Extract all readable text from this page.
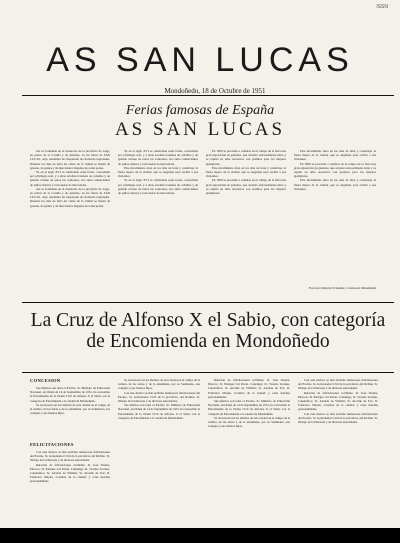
ISSN
AS SAN LUCAS
Mondoñedo, 18 de Octubre de 1951
Ferias famosas de España
AS SAN LUCAS

Así se formaban en el mostrario de la provincia de Lugo, en partes de la Coruña y de Asturias, en las ferias de SAN LUCAS, cuyo renombre ha traspasado las fronteras regionales. Durante los días de feria las calles de la ciudad se llenan de ganado, de gentes y de mercaderes llegados de todas partes.

Ya en el siglo XVI se celebraban estas ferias, concedidas por privilegio real, y a ellas acudían tratantes de caballos y de ganado vacuno de todos los contornos, así como comerciantes de paños, lienzos y toda suerte de mercancías.

Así se formaban en el mostrario de la provincia de Lugo, en partes de la Coruña y de Asturias, en las ferias de SAN LUCAS, cuyo renombre ha traspasado las fronteras regionales. Durante los días de feria las calles de la ciudad se llenan de ganado, de gentes y de mercaderes llegados de todas partes.

Ya en el siglo XVI se celebraban estas ferias, concedidas por privilegio real, y a ellas acudían tratantes de caballos y de ganado vacuno de todos los contornos, así como comerciantes de paños, lienzos y toda suerte de mercancías.

Este movimiento dura en los días de feria y constituye la fiesta mayor de la ciudad, que se engalana para recibir a sus visitantes.

Ya en el siglo XVI se celebraban estas ferias, concedidas por privilegio real, y a ellas acudían tratantes de caballos y de ganado vacuno de todos los contornos, así como comerciantes de paños, lienzos y toda suerte de mercancías.

En 1859 se procedió a celebrar en el campo de la feria una gran exposición de ganados, que alcanzó extraordinario éxito y se repitió en años sucesivos con premios para los mejores ejemplares.

Este movimiento dura en los días de feria y constituye la fiesta mayor de la ciudad, que se engalana para recibir a sus visitantes.

En 1859 se procedió a celebrar en el campo de la feria una gran exposición de ganados, que alcanzó extraordinario éxito y se repitió en años sucesivos con premios para los mejores ejemplares.

Este movimiento dura en los días de feria y constituye la fiesta mayor de la ciudad, que se engalana para recibir a sus visitantes.

En 1859 se procedió a celebrar en el campo de la feria una gran exposición de ganados, que alcanzó extraordinario éxito y se repitió en años sucesivos con premios para los mejores ejemplares.

Este movimiento dura en los días de feria y constituye la fiesta mayor de la ciudad, que se engalana para recibir a sus visitantes.

Francisco Mayán Fernández, Cronista de Mondoñedo
La Cruz de Alfonso X el Sabio, con categoría de Encomienda en Mondoñedo
CONCESION

Sus méritos son tales el Excmo. Sr. Ministro de Educación Nacional, en Orden de 14 de Septiembre de 1951, ha concedido la Encomienda de la Orden Civil de Alfonso X el Sabio con la categoría de Encomienda a la ciudad de Mondoñedo.

Se reconocen así los méritos de esta ciudad en el campo de la cultura, de las letras y de la enseñanza, por su Seminario, sus colegios y sus ilustres hijos.

FELICITACIONES

Con este motivo se han recibido numerosas felicitaciones del Excmo. Sr. Gobernador Civil de la provincia, del Rvdmo. Sr. Obispo de la Diócesis y de diversas autoridades.

Relación de felicitaciones recibidas: D. José Trueba, Párroco; D. Enrique Cal Pardo, Canónigo; D. Vicente Serrano, Catedrático; Sr. Alcalde de Villalba; Sr. Alcalde de Foz; D. Francisco Mayán, Cronista de la ciudad; y otras muchas personalidades.

Se reconocen así los méritos de esta ciudad en el campo de la cultura, de las letras y de la enseñanza, por su Seminario, sus colegios y sus ilustres hijos.

Con este motivo se han recibido numerosas felicitaciones del Excmo. Sr. Gobernador Civil de la provincia, del Rvdmo. Sr. Obispo de la Diócesis y de diversas autoridades.

Sus méritos son tales el Excmo. Sr. Ministro de Educación Nacional, en Orden de 14 de Septiembre de 1951, ha concedido la Encomienda de la Orden Civil de Alfonso X el Sabio con la categoría de Encomienda a la ciudad de Mondoñedo.

Relación de felicitaciones recibidas: D. José Trueba, Párroco; D. Enrique Cal Pardo, Canónigo; D. Vicente Serrano, Catedrático; Sr. Alcalde de Villalba; Sr. Alcalde de Foz; D. Francisco Mayán, Cronista de la ciudad; y otras muchas personalidades.

Sus méritos son tales el Excmo. Sr. Ministro de Educación Nacional, en Orden de 14 de Septiembre de 1951, ha concedido la Encomienda de la Orden Civil de Alfonso X el Sabio con la categoría de Encomienda a la ciudad de Mondoñedo.

Se reconocen así los méritos de esta ciudad en el campo de la cultura, de las letras y de la enseñanza, por su Seminario, sus colegios y sus ilustres hijos.

Con este motivo se han recibido numerosas felicitaciones del Excmo. Sr. Gobernador Civil de la provincia, del Rvdmo. Sr. Obispo de la Diócesis y de diversas autoridades.

Relación de felicitaciones recibidas: D. José Trueba, Párroco; D. Enrique Cal Pardo, Canónigo; D. Vicente Serrano, Catedrático; Sr. Alcalde de Villalba; Sr. Alcalde de Foz; D. Francisco Mayán, Cronista de la ciudad; y otras muchas personalidades.

Con este motivo se han recibido numerosas felicitaciones del Excmo. Sr. Gobernador Civil de la provincia, del Rvdmo. Sr. Obispo de la Diócesis y de diversas autoridades.
